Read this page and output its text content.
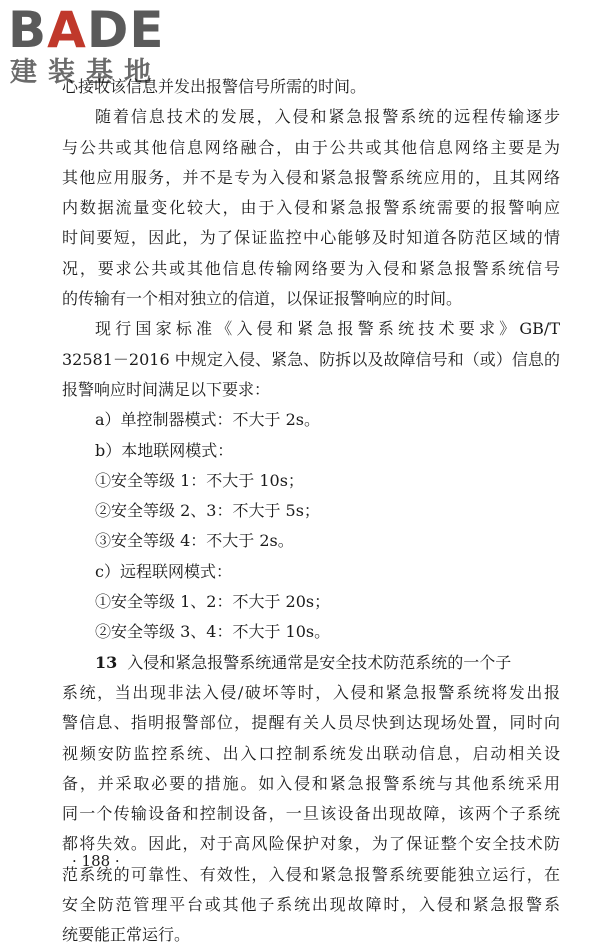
BADE
建装基地
心接收该信息并发出报警信号所需的时间。
随着信息技术的发展，入侵和紧急报警系统的远程传输逐步
与公共或其他信息网络融合，由于公共或其他信息网络主要是为
其他应用服务，并不是专为入侵和紧急报警系统应用的，且其网络
内数据流量变化较大，由于入侵和紧急报警系统需要的报警响应
时间要短，因此，为了保证监控中心能够及时知道各防范区域的情
况，要求公共或其他信息传输网络要为入侵和紧急报警系统信号
的传输有一个相对独立的信道，以保证报警响应的时间。
现行国家标准《入侵和紧急报警系统技术要求》GB/T
32581－2016 中规定入侵、紧急、防拆以及故障信号和（或）信息的
报警响应时间满足以下要求：
a）单控制器模式：不大于 2s。
b）本地联网模式：
①安全等级 1：不大于 10s；
②安全等级 2、3：不大于 5s；
③安全等级 4：不大于 2s。
c）远程联网模式：
①安全等级 1、2：不大于 20s；
②安全等级 3、4：不大于 10s。
13 入侵和紧急报警系统通常是安全技术防范系统的一个子
系统，当出现非法入侵/破坏等时，入侵和紧急报警系统将发出报
警信息、指明报警部位，提醒有关人员尽快到达现场处置，同时向
视频安防监控系统、出入口控制系统发出联动信息，启动相关设
备，并采取必要的措施。如入侵和紧急报警系统与其他系统采用
同一个传输设备和控制设备，一旦该设备出现故障，该两个子系统
都将失效。因此，对于高风险保护对象，为了保证整个安全技术防
范系统的可靠性、有效性，入侵和紧急报警系统要能独立运行，在
安全防范管理平台或其他子系统出现故障时，入侵和紧急报警系
统要能正常运行。
· 188 ·
